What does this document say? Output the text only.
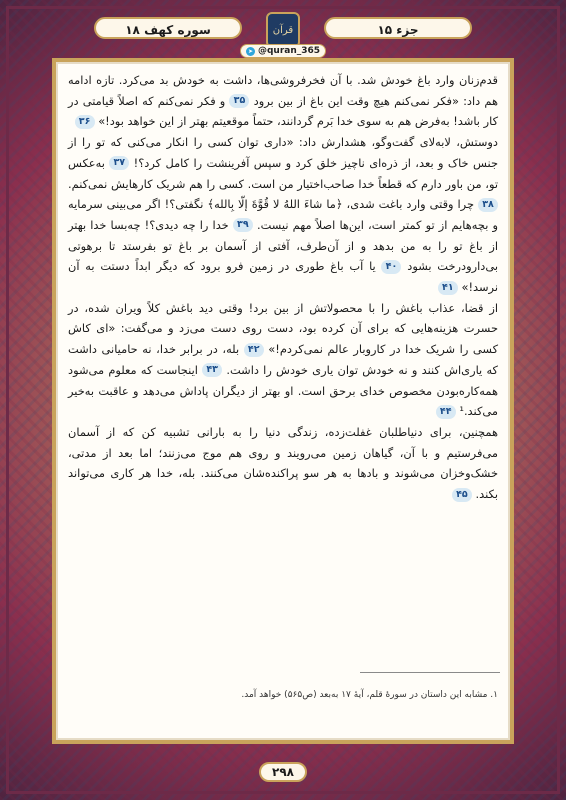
جزء ۱۵
قرآن
سوره کهف ۱۸
➤ @quran_365

قدم‌زنان وارد باغ خودش شد. با آن فخرفروشی‌ها، داشت به خودش بد می‌کرد. تازه ادامه هم داد: «فکر نمی‌کنم هیچ وقت این باغ از بین برود ۳۵ و فکر نمی‌کنم که اصلاً قیامتی در کار باشد! به‌فرض هم به سوی خدا بَرم گردانند، حتماً موقعیتم بهتر از این خواهد بود!» ۳۶

دوستش، لابه‌لای گفت‌وگو، هشدارش داد: «داری توان کسی را انکار می‌کنی که تو را از جنس خاک و بعد، از ذره‌ای ناچیز خلق کرد و سپس آفرینشت را کامل کرد؟! ۳۷ به‌عکس تو، من باور دارم که قطعاً خدا صاحب‌اختیار من است. کسی را هم شریک کارهایش نمی‌کنم. ۳۸ چرا وقتی وارد باغت شدی، ﴿ما شاءَ اللهُ لا قُوَّةَ إلّا بِالله﴾ نگفتی؟! اگر می‌بینی سرمایه و بچه‌هایم از تو کمتر است، این‌ها اصلاً مهم نیست. ۳۹ خدا را چه دیدی؟! چه‌بسا خدا بهتر از باغ تو را به من بدهد و از آن‌طرف، آفتی از آسمان بر باغ تو بفرستد تا برهوتی بی‌دارودرخت بشود ۴۰ یا آب باغ طوری در زمین فرو برود که دیگر ابداً دستت به آن نرسد!» ۴۱

از قضا، عذاب باغش را با محصولاتش از بین برد! وقتی دید باغش کلاً ویران شده، در حسرت هزینه‌هایی که برای آن کرده بود، دست روی دست می‌زد و می‌گفت: «ای کاش کسی را شریک خدا در کاروبار عالم نمی‌کردم!» ۴۲ بله، در برابر خدا، نه حامیانی داشت که یاری‌اش کنند و نه خودش توان یاری خودش را داشت. ۴۳ اینجاست که معلوم می‌شود همه‌کاره‌بودن مخصوص خدای برحق است. او بهتر از دیگران پاداش می‌دهد و عاقبت به‌خیر می‌کند.¹ ۴۴

همچنین، برای دنیاطلبان غفلت‌زده، زندگی دنیا را به بارانی تشبیه کن که از آسمان می‌فرستیم و با آن، گیاهان زمین می‌رویند و روی هم موج می‌زنند؛ اما بعد از مدتی، خشک‌وخزان می‌شوند و بادها به هر سو پراکنده‌شان می‌کنند. بله، خدا هر کاری می‌تواند بکند. ۴۵

۱. مشابه این داستان در سورهٔ قلم، آیهٔ ۱۷ به‌بعد (ص۵۶۵) خواهد آمد.
۲۹۸
